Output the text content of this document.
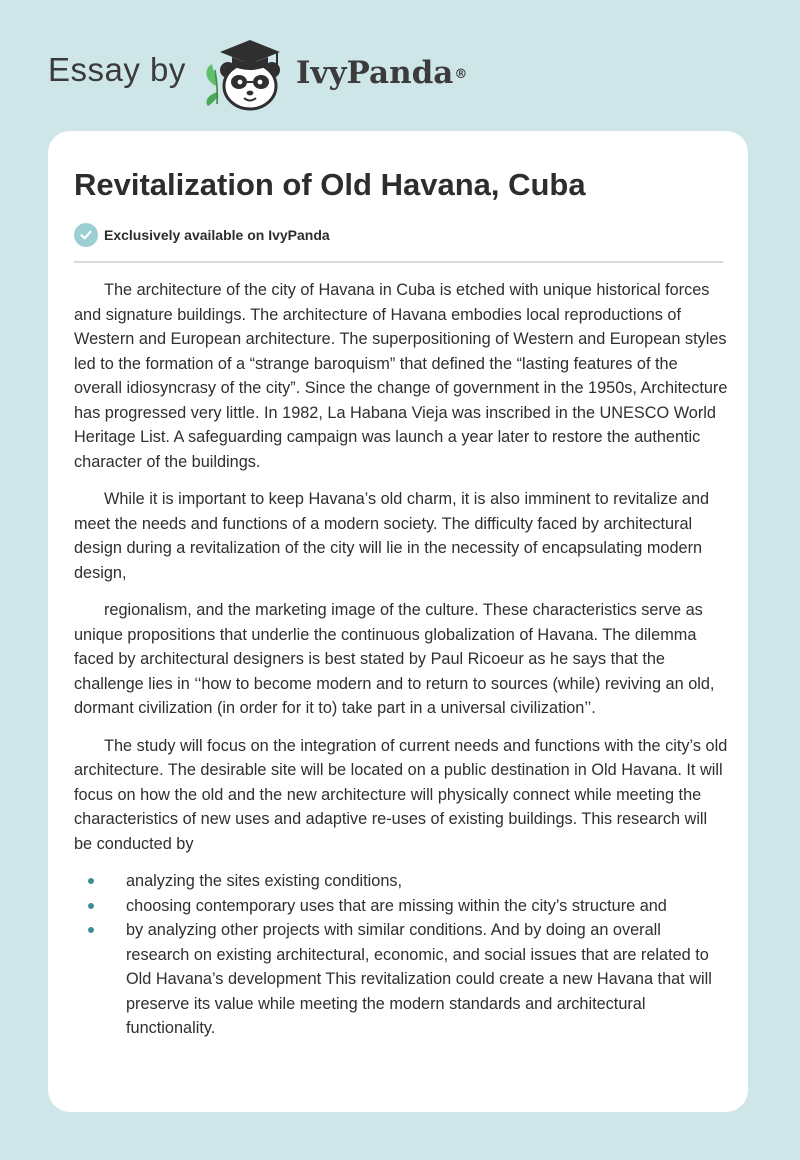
Essay by	IvyPanda®
Revitalization of Old Havana, Cuba
Exclusively available on IvyPanda

The architecture of the city of Havana in Cuba is etched with unique historical forces and signature buildings. The architecture of Havana embodies local reproductions of Western and European architecture. The superpositioning of Western and European styles led to the formation of a “strange baroquism” that defined the “lasting features of the overall idiosyncrasy of the city”. Since the change of government in the 1950s, Architecture has progressed very little. In 1982, La Habana Vieja was inscribed in the UNESCO World Heritage List. A safeguarding campaign was launch a year later to restore the authentic character of the buildings.

While it is important to keep Havana’s old charm, it is also imminent to revitalize and meet the needs and functions of a modern society. The difficulty faced by architectural design during a revitalization of the city will lie in the necessity of encapsulating modern design,

regionalism, and the marketing image of the culture. These characteristics serve as unique propositions that underlie the continuous globalization of Havana. The dilemma faced by architectural designers is best stated by Paul Ricoeur as he says that the challenge lies in ‘‘how to become modern and to return to sources (while) reviving an old, dormant civilization (in order for it to) take part in a universal civilization’’.

The study will focus on the integration of current needs and functions with the city’s old architecture. The desirable site will be located on a public destination in Old Havana. It will focus on how the old and the new architecture will physically connect while meeting the characteristics of new uses and adaptive re-uses of existing buildings. This research will be conducted by

analyzing the sites existing conditions,
choosing contemporary uses that are missing within the city’s structure and
by analyzing other projects with similar conditions. And by doing an overall research on existing architectural, economic, and social issues that are related to Old Havana’s development This revitalization could create a new Havana that will preserve its value while meeting the modern standards and architectural functionality.
